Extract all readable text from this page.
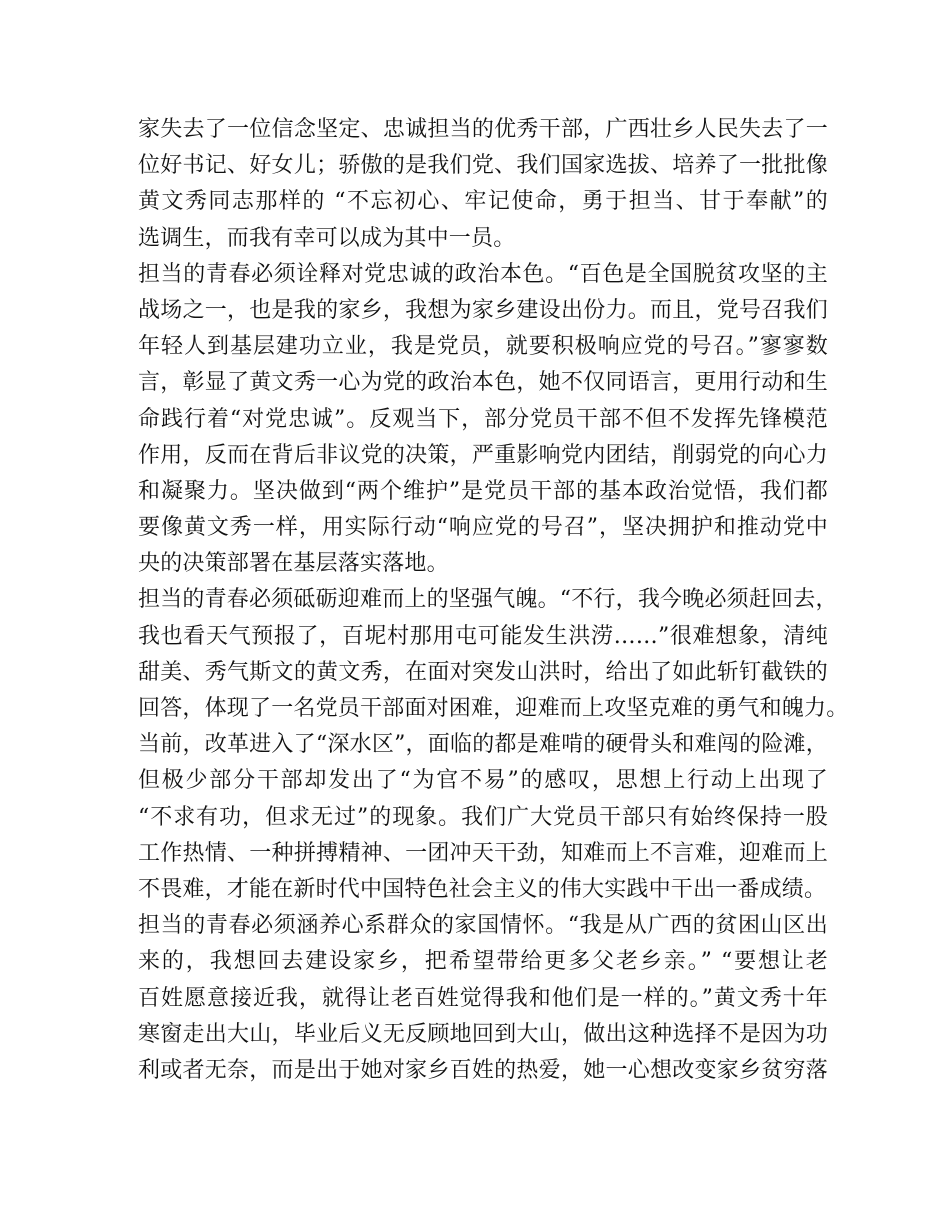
家失去了一位信念坚定、忠诚担当的优秀干部，广西壮乡人民失去了一
位好书记、好女儿；骄傲的是我们党、我们国家选拔、培养了一批批像
黄文秀同志那样的 “不忘初心、牢记使命，勇于担当、甘于奉献”的
选调生，而我有幸可以成为其中一员。
担当的青春必须诠释对党忠诚的政治本色。“百色是全国脱贫攻坚的主
战场之一，也是我的家乡，我想为家乡建设出份力。而且，党号召我们
年轻人到基层建功立业，我是党员，就要积极响应党的号召。”寥寥数
言，彰显了黄文秀一心为党的政治本色，她不仅同语言，更用行动和生
命践行着“对党忠诚”。反观当下，部分党员干部不但不发挥先锋模范
作用，反而在背后非议党的决策，严重影响党内团结，削弱党的向心力
和凝聚力。坚决做到“两个维护”是党员干部的基本政治觉悟，我们都
要像黄文秀一样，用实际行动“响应党的号召”，坚决拥护和推动党中
央的决策部署在基层落实落地。
担当的青春必须砥砺迎难而上的坚强气魄。“不行，我今晚必须赶回去，
我也看天气预报了，百坭村那用屯可能发生洪涝……”很难想象，清纯
甜美、秀气斯文的黄文秀，在面对突发山洪时，给出了如此斩钉截铁的
回答，体现了一名党员干部面对困难，迎难而上攻坚克难的勇气和魄力。
当前，改革进入了“深水区”，面临的都是难啃的硬骨头和难闯的险滩，
但极少部分干部却发出了“为官不易”的感叹，思想上行动上出现了
“不求有功，但求无过”的现象。我们广大党员干部只有始终保持一股
工作热情、一种拼搏精神、一团冲天干劲，知难而上不言难，迎难而上
不畏难，才能在新时代中国特色社会主义的伟大实践中干出一番成绩。
担当的青春必须涵养心系群众的家国情怀。“我是从广西的贫困山区出
来的，我想回去建设家乡，把希望带给更多父老乡亲。” “要想让老
百姓愿意接近我，就得让老百姓觉得我和他们是一样的。”黄文秀十年
寒窗走出大山，毕业后义无反顾地回到大山，做出这种选择不是因为功
利或者无奈，而是出于她对家乡百姓的热爱，她一心想改变家乡贫穷落
